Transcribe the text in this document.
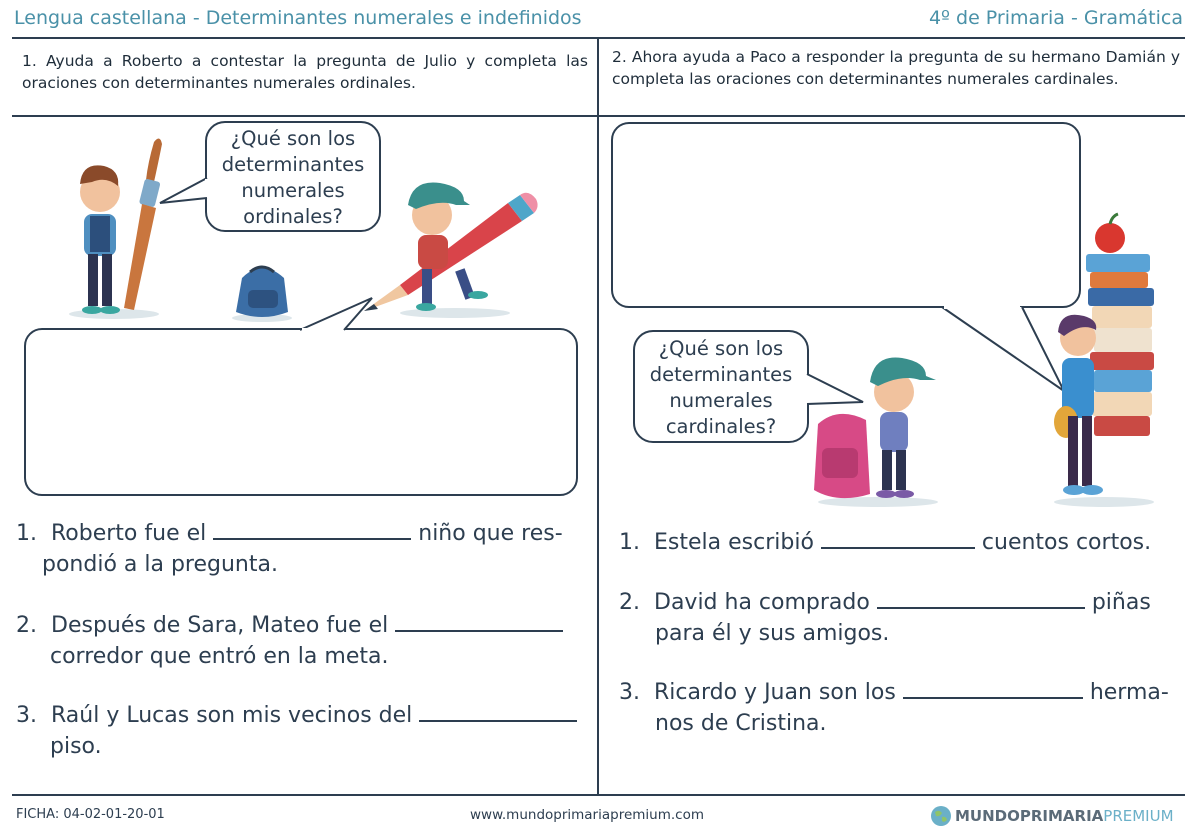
Lengua castellana - Determinantes numerales e indefinidos	4º de Primaria - Gramática
1. Ayuda a Roberto a contestar la pregunta de Julio y completa las oraciones con determinantes numerales ordinales.
2. Ahora ayuda a Paco a responder la pregunta de su hermano Damián y completa las oraciones con determinantes numerales cardinales.
¿Qué son los
determinantes
numerales
ordinales?
1. Roberto fue el	niño que res-
pondió a la pregunta.
2. Después de Sara, Mateo fue el
corredor que entró en la meta.
3. Raúl y Lucas son mis vecinos del
piso.
¿Qué son los
determinantes
numerales
cardinales?
1. Estela escribió	cuentos cortos.
2. David ha comprado	piñas
para él y sus amigos.
3. Ricardo y Juan son los	herma-
nos de Cristina.
FICHA: 04-02-01-20-01	www.mundoprimariapremium.com	MUNDO PRIMARIA PREMIUM
